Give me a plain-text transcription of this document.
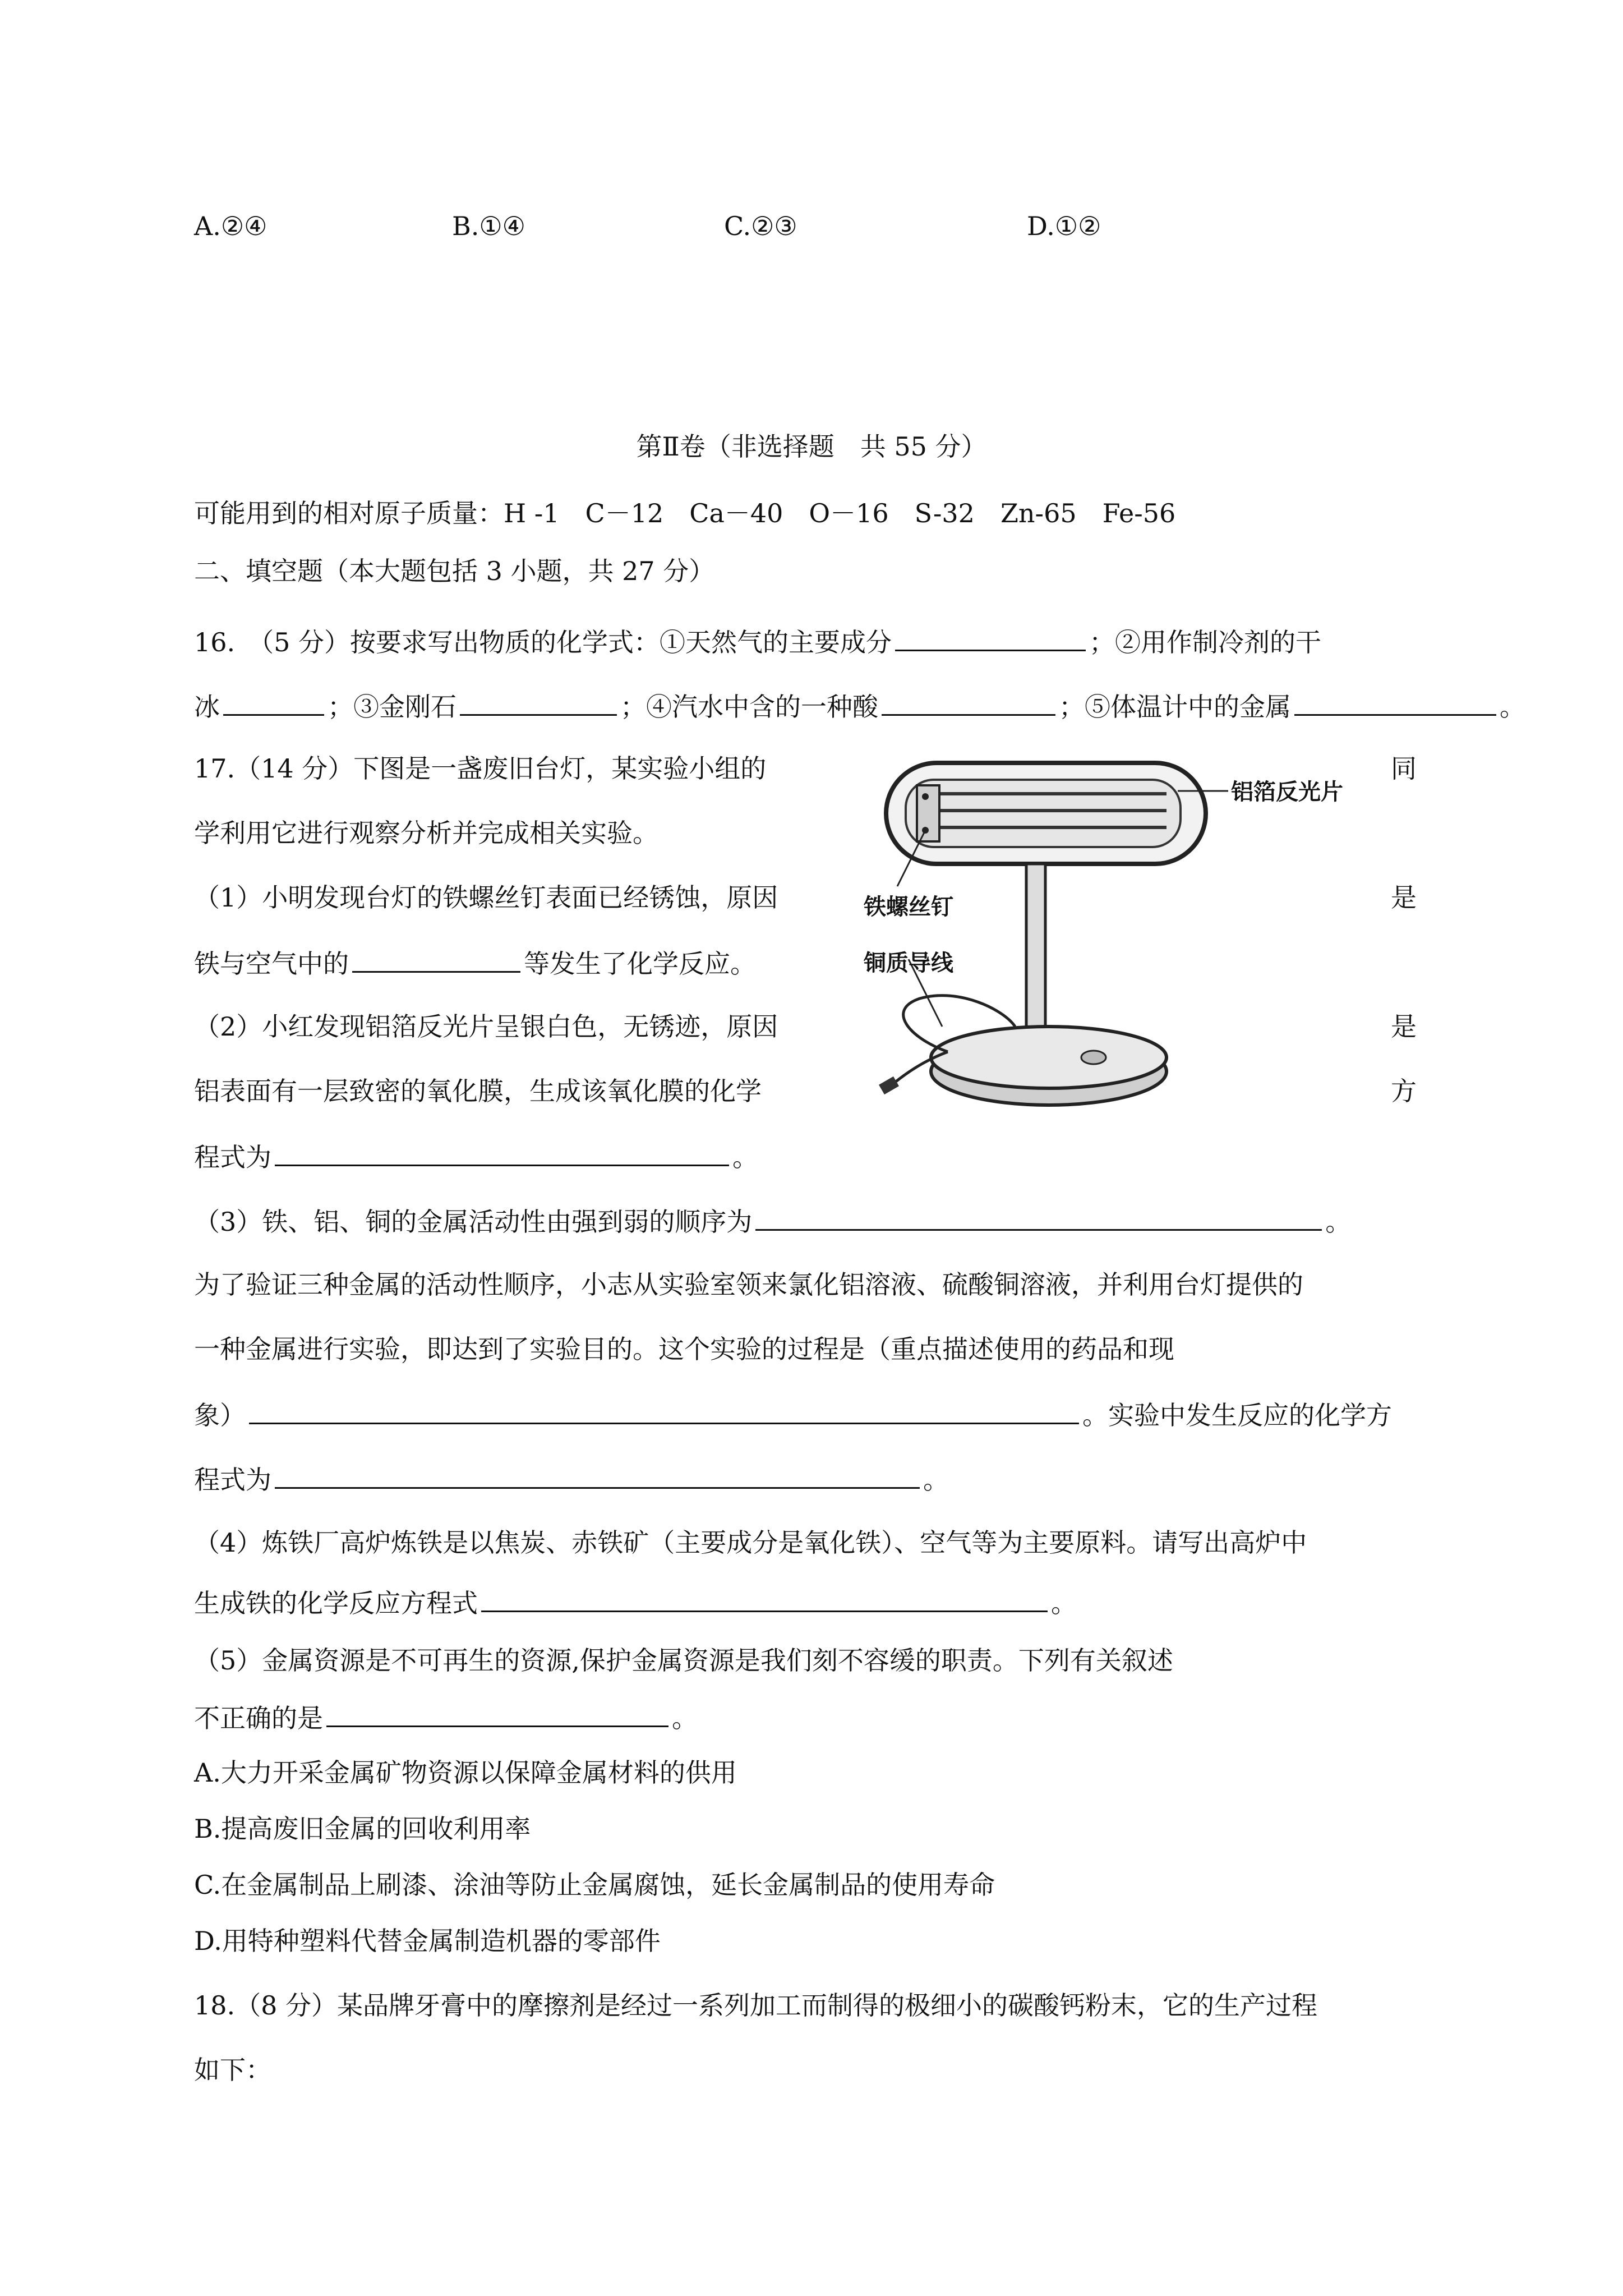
A.②④	B.①④	C.②③	D.①②
第Ⅱ卷（非选择题　共 55 分）
可能用到的相对原子质量：H -1　C－12　Ca－40　O－16　S-32　Zn-65　Fe-56
二、填空题（本大题包括 3 小题，共 27 分）
16.　（5 分）按要求写出物质的化学式：①天然气的主要成分	；②用作制冷剂的干
冰	；③金刚石	；④汽水中含的一种酸	；⑤体温计中的金属	。
17.（14 分）下图是一盏废旧台灯，某实验小组的	同
学利用它进行观察分析并完成相关实验。
（1）小明发现台灯的铁螺丝钉表面已经锈蚀，原因	是
铁与空气中的	等发生了化学反应。
（2）小红发现铝箔反光片呈银白色，无锈迹，原因	是
铝表面有一层致密的氧化膜，生成该氧化膜的化学	方
程式为	。
铝箔反光片
铁螺丝钉
铜质导线
（3）铁、铝、铜的金属活动性由强到弱的顺序为	。
为了验证三种金属的活动性顺序，小志从实验室领来氯化铝溶液、硫酸铜溶液，并利用台灯提供的
一种金属进行实验，即达到了实验目的。这个实验的过程是（重点描述使用的药品和现
象）	。实验中发生反应的化学方
程式为	。
（4）炼铁厂高炉炼铁是以焦炭、赤铁矿（主要成分是氧化铁）、空气等为主要原料。请写出高炉中
生成铁的化学反应方程式	。
（5）金属资源是不可再生的资源,保护金属资源是我们刻不容缓的职责。下列有关叙述
不正确的是	。
A.大力开采金属矿物资源以保障金属材料的供用
B.提高废旧金属的回收利用率
C.在金属制品上刷漆、涂油等防止金属腐蚀，延长金属制品的使用寿命
D.用特种塑料代替金属制造机器的零部件
18.（8 分）某品牌牙膏中的摩擦剂是经过一系列加工而制得的极细小的碳酸钙粉末，它的生产过程
如下：
